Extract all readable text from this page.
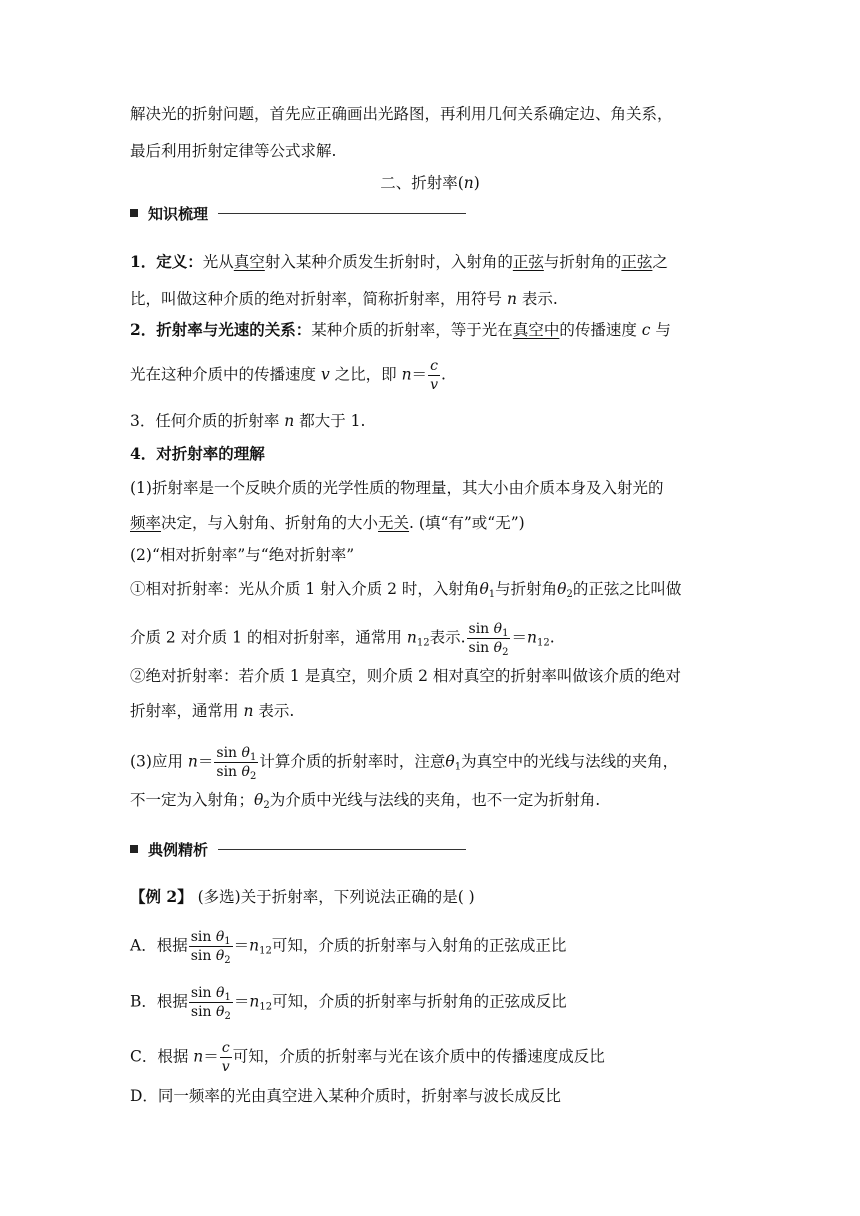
解决光的折射问题，首先应正确画出光路图，再利用几何关系确定边、角关系，
最后利用折射定律等公式求解.
二、折射率(n)
知识梳理
1．定义：光从真空射入某种介质发生折射时，入射角的正弦与折射角的正弦之
比，叫做这种介质的绝对折射率，简称折射率，用符号 n 表示.
2．折射率与光速的关系：某种介质的折射率，等于光在真空中的传播速度 c 与
光在这种介质中的传播速度 v 之比，即 $n= \frac{c}{v}$ .
3．任何介质的折射率 n 都大于 1.
4．对折射率的理解
(1)折射率是一个反映介质的光学性质的物理量，其大小由介质本身及入射光的
频率决定，与入射角、折射角的大小无关. (填“有”或“无”)
(2)“相对折射率”与“绝对折射率”
①相对折射率：光从介质 1 射入介质 2 时，入射角$\theta_1$与折射角$\theta_2$的正弦之比叫做
介质 2 对介质 1 的相对折射率，通常用 $n_{12}$表示. $\frac{\sin \theta_1}{\sin \theta_2} =n_{12}$.
②绝对折射率：若介质 1 是真空，则介质 2 相对真空的折射率叫做该介质的绝对
折射率，通常用 n 表示.
(3)应用 $n= \frac{\sin \theta_1}{\sin \theta_2}$ 计算介质的折射率时，注意$\theta_1$为真空中的光线与法线的夹角，
不一定为入射角；$\theta_2$为介质中光线与法线的夹角，也不一定为折射角.
典例精析
【例 2】 (多选)关于折射率，下列说法正确的是( )
A．根据 $\frac{\sin \theta_1}{\sin \theta_2} =n_{12}$可知，介质的折射率与入射角的正弦成正比
B．根据 $\frac{\sin \theta_1}{\sin \theta_2} =n_{12}$可知，介质的折射率与折射角的正弦成反比
C．根据 $n= \frac{c}{v}$ 可知，介质的折射率与光在该介质中的传播速度成反比
D．同一频率的光由真空进入某种介质时，折射率与波长成反比
